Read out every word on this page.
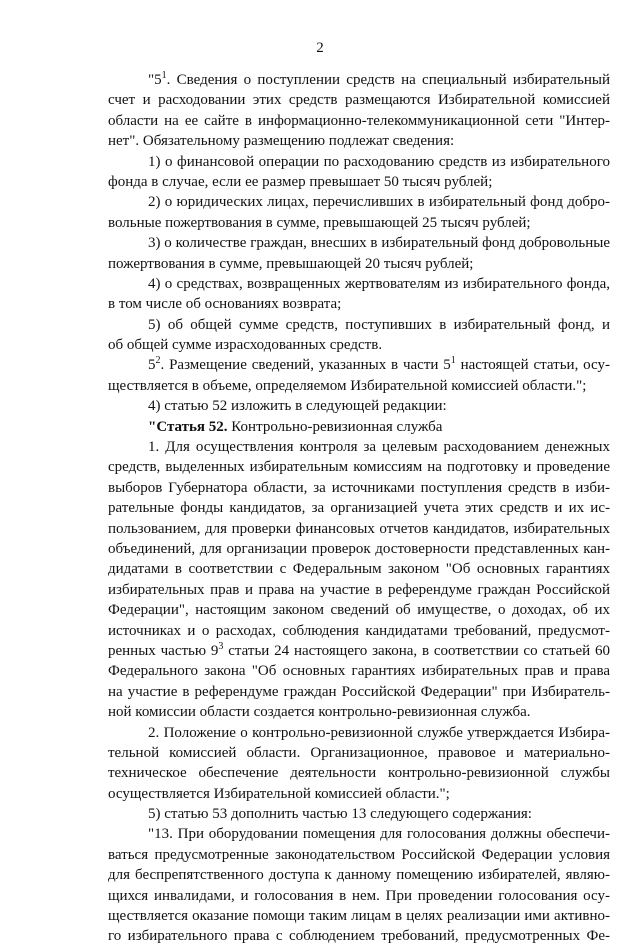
2
"$5^1$. Сведения о поступлении средств на специальный избирательный
счет и расходовании этих средств размещаются Избирательной комиссией
области на ее сайте в информационно-телекоммуникационной сети "Интер-
нет". Обязательному размещению подлежат сведения:
1) о финансовой операции по расходованию средств из избирательного
фонда в случае, если ее размер превышает 50 тысяч рублей;
2) о юридических лицах, перечисливших в избирательный фонд добро-
вольные пожертвования в сумме, превышающей 25 тысяч рублей;
3) о количестве граждан, внесших в избирательный фонд добровольные
пожертвования в сумме, превышающей 20 тысяч рублей;
4) о средствах, возвращенных жертвователям из избирательного фонда,
в том числе об основаниях возврата;
5) об общей сумме средств, поступивших в избирательный фонд, и
об общей сумме израсходованных средств.
$5^2$. Размещение сведений, указанных в части $5^1$ настоящей статьи, осу-
ществляется в объеме, определяемом Избирательной комиссией области.";
4) статью 52 изложить в следующей редакции:
"Статья 52. Контрольно-ревизионная служба
1. Для осуществления контроля за целевым расходованием денежных
средств, выделенных избирательным комиссиям на подготовку и проведение
выборов Губернатора области, за источниками поступления средств в изби-
рательные фонды кандидатов, за организацией учета этих средств и их ис-
пользованием, для проверки финансовых отчетов кандидатов, избирательных
объединений, для организации проверок достоверности представленных кан-
дидатами в соответствии с Федеральным законом "Об основных гарантиях
избирательных прав и права на участие в референдуме граждан Российской
Федерации", настоящим законом сведений об имуществе, о доходах, об их
источниках и о расходах, соблюдения кандидатами требований, предусмот-
ренных частью $9^3$ статьи 24 настоящего закона, в соответствии со статьей 60
Федерального закона "Об основных гарантиях избирательных прав и права
на участие в референдуме граждан Российской Федерации" при Избиратель-
ной комиссии области создается контрольно-ревизионная служба.
2. Положение о контрольно-ревизионной службе утверждается Избира-
тельной комиссией области. Организационное, правовое и материально-
техническое обеспечение деятельности контрольно-ревизионной службы
осуществляется Избирательной комиссией области.";
5) статью 53 дополнить частью 13 следующего содержания:
"13. При оборудовании помещения для голосования должны обеспечи-
ваться предусмотренные законодательством Российской Федерации условия
для беспрепятственного доступа к данному помещению избирателей, являю-
щихся инвалидами, и голосования в нем. При проведении голосования осу-
ществляется оказание помощи таким лицам в целях реализации ими активно-
го избирательного права с соблюдением требований, предусмотренных Фе-
